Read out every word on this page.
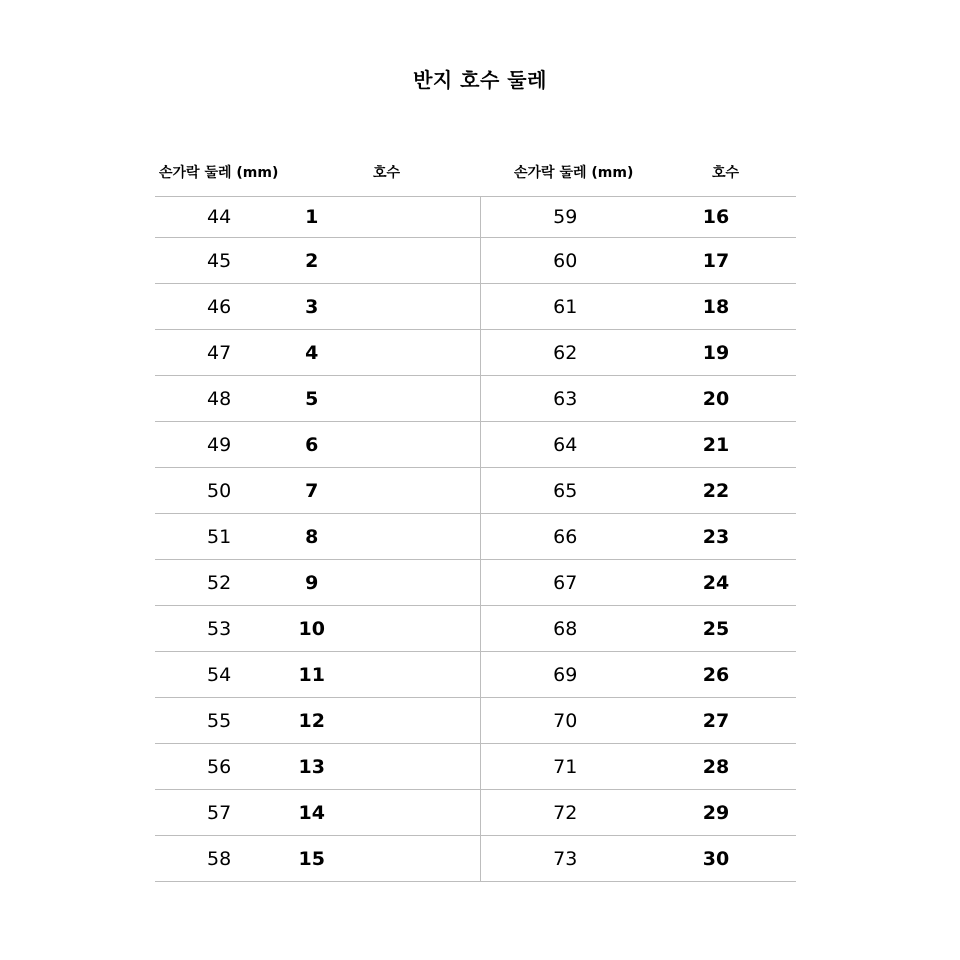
반지 호수 둘레
손가락 둘레 (mm)	호수	손가락 둘레 (mm)	호수
44	1	59	16
45	2	60	17
46	3	61	18
47	4	62	19
48	5	63	20
49	6	64	21
50	7	65	22
51	8	66	23
52	9	67	24
53	10	68	25
54	11	69	26
55	12	70	27
56	13	71	28
57	14	72	29
58	15	73	30
